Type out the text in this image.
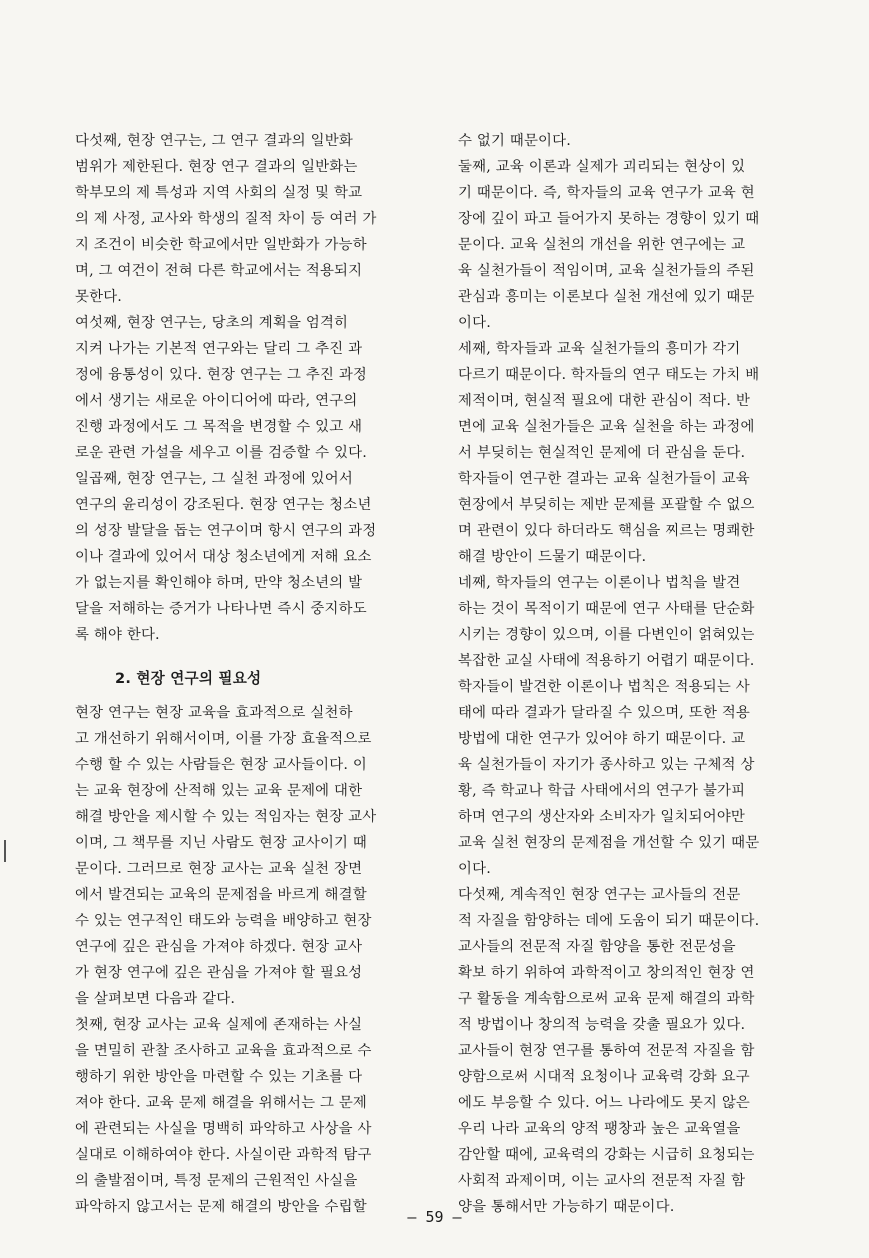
다섯째, 현장 연구는, 그 연구 결과의 일반화
범위가 제한된다. 현장 연구 결과의 일반화는
학부모의 제 특성과 지역 사회의 실정 및 학교
의 제 사정, 교사와 학생의 질적 차이 등 여러 가
지 조건이 비슷한 학교에서만 일반화가 가능하
며, 그 여건이 전혀 다른 학교에서는 적용되지
못한다.

여섯째, 현장 연구는, 당초의 계획을 엄격히
지켜 나가는 기본적 연구와는 달리 그 추진 과
정에 융통성이 있다. 현장 연구는 그 추진 과정
에서 생기는 새로운 아이디어에 따라, 연구의
진행 과정에서도 그 목적을 변경할 수 있고 새
로운 관련 가설을 세우고 이를 검증할 수 있다.

일곱째, 현장 연구는, 그 실천 과정에 있어서
연구의 윤리성이 강조된다. 현장 연구는 청소년
의 성장 발달을 돕는 연구이며 항시 연구의 과정
이나 결과에 있어서 대상 청소년에게 저해 요소
가 없는지를 확인해야 하며, 만약 청소년의 발
달을 저해하는 증거가 나타나면 즉시 중지하도
록 해야 한다.

2. 현장 연구의 필요성

현장 연구는 현장 교육을 효과적으로 실천하
고 개선하기 위해서이며, 이를 가장 효율적으로
수행 할 수 있는 사람들은 현장 교사들이다. 이
는 교육 현장에 산적해 있는 교육 문제에 대한
해결 방안을 제시할 수 있는 적임자는 현장 교사
이며, 그 책무를 지닌 사람도 현장 교사이기 때
문이다. 그러므로 현장 교사는 교육 실천 장면
에서 발견되는 교육의 문제점을 바르게 해결할
수 있는 연구적인 태도와 능력을 배양하고 현장
연구에 깊은 관심을 가져야 하겠다. 현장 교사
가 현장 연구에 깊은 관심을 가져야 할 필요성
을 살펴보면 다음과 같다.

첫째, 현장 교사는 교육 실제에 존재하는 사실
을 면밀히 관찰 조사하고 교육을 효과적으로 수
행하기 위한 방안을 마련할 수 있는 기초를 다
져야 한다. 교육 문제 해결을 위해서는 그 문제
에 관련되는 사실을 명백히 파악하고 사상을 사
실대로 이해하여야 한다. 사실이란 과학적 탐구
의 출발점이며, 특정 문제의 근원적인 사실을
파악하지 않고서는 문제 해결의 방안을 수립할

수 없기 때문이다.

둘째, 교육 이론과 실제가 괴리되는 현상이 있
기 때문이다. 즉, 학자들의 교육 연구가 교육 현
장에 깊이 파고 들어가지 못하는 경향이 있기 때
문이다. 교육 실천의 개선을 위한 연구에는 교
육 실천가들이 적임이며, 교육 실천가들의 주된
관심과 흥미는 이론보다 실천 개선에 있기 때문
이다.

세째, 학자들과 교육 실천가들의 흥미가 각기
다르기 때문이다. 학자들의 연구 태도는 가치 배
제적이며, 현실적 필요에 대한 관심이 적다. 반
면에 교육 실천가들은 교육 실천을 하는 과정에
서 부딪히는 현실적인 문제에 더 관심을 둔다.
학자들이 연구한 결과는 교육 실천가들이 교육
현장에서 부딪히는 제반 문제를 포괄할 수 없으
며 관련이 있다 하더라도 핵심을 찌르는 명쾌한
해결 방안이 드물기 때문이다.

네째, 학자들의 연구는 이론이나 법칙을 발견
하는 것이 목적이기 때문에 연구 사태를 단순화
시키는 경향이 있으며, 이를 다변인이 얽혀있는
복잡한 교실 사태에 적용하기 어렵기 때문이다.
학자들이 발견한 이론이나 법칙은 적용되는 사
태에 따라 결과가 달라질 수 있으며, 또한 적용
방법에 대한 연구가 있어야 하기 때문이다. 교
육 실천가들이 자기가 종사하고 있는 구체적 상
황, 즉 학교나 학급 사태에서의 연구가 불가피
하며 연구의 생산자와 소비자가 일치되어야만
교육 실천 현장의 문제점을 개선할 수 있기 때문
이다.

다섯째, 계속적인 현장 연구는 교사들의 전문
적 자질을 함양하는 데에 도움이 되기 때문이다.
교사들의 전문적 자질 함양을 통한 전문성을
확보 하기 위하여 과학적이고 창의적인 현장 연
구 활동을 계속함으로써 교육 문제 해결의 과학
적 방법이나 창의적 능력을 갖출 필요가 있다.
교사들이 현장 연구를 통하여 전문적 자질을 함
양함으로써 시대적 요청이나 교육력 강화 요구
에도 부응할 수 있다. 어느 나라에도 못지 않은
우리 나라 교육의 양적 팽창과 높은 교육열을
감안할 때에, 교육력의 강화는 시급히 요청되는
사회적 과제이며, 이는 교사의 전문적 자질 함
양을 통해서만 가능하기 때문이다.

— 59 —
